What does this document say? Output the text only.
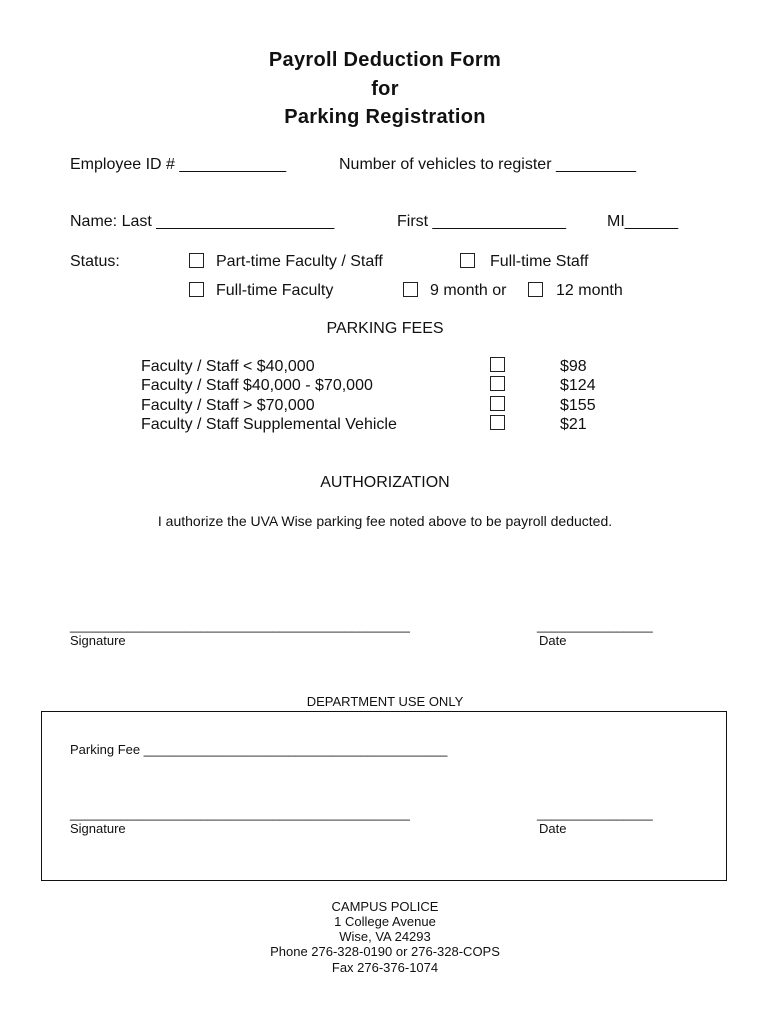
Payroll Deduction Form
for
Parking Registration
Employee ID # ____________	Number of vehicles to register _________
Name: Last ____________________	First _______________	MI______
Status:	Part-time Faculty / Staff	Full-time Staff
Full-time Faculty	9 month or	12 month
PARKING FEES
Faculty / Staff < $40,000	$98
Faculty / Staff $40,000 - $70,000	$124
Faculty / Staff > $70,000	$155
Faculty / Staff Supplemental Vehicle	$21
AUTHORIZATION
I authorize the UVA Wise parking fee noted above to be payroll deducted.
_______________________________________________	________________
Signature	Date
DEPARTMENT USE ONLY
Parking Fee __________________________________________
_______________________________________________	________________
Signature	Date
CAMPUS POLICE
1 College Avenue
Wise, VA 24293
Phone 276-328-0190 or 276-328-COPS
Fax 276-376-1074
